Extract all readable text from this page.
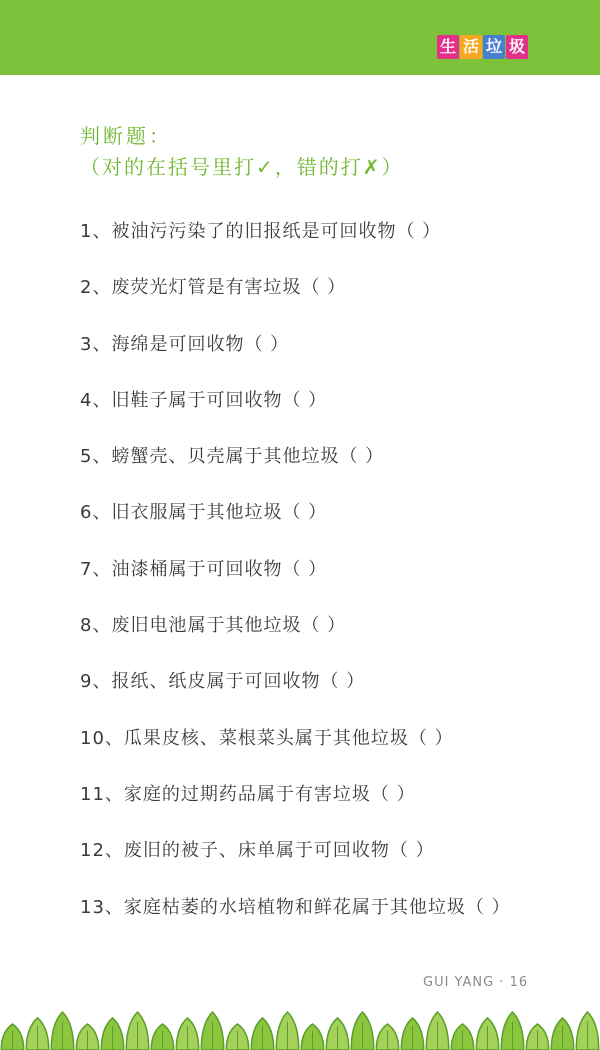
生 活 垃 圾
判断题：
（对的在括号里打✓，错的打✗）
1、被油污污染了的旧报纸是可回收物（ ）
2、废荧光灯管是有害垃圾（ ）
3、海绵是可回收物（ ）
4、旧鞋子属于可回收物（ ）
5、螃蟹壳、贝壳属于其他垃圾（ ）
6、旧衣服属于其他垃圾（ ）
7、油漆桶属于可回收物（ ）
8、废旧电池属于其他垃圾（ ）
9、报纸、纸皮属于可回收物（ ）
10、瓜果皮核、菜根菜头属于其他垃圾（ ）
11、家庭的过期药品属于有害垃圾（ ）
12、废旧的被子、床单属于可回收物（ ）
13、家庭枯萎的水培植物和鲜花属于其他垃圾（ ）
GUI YANG · 16
